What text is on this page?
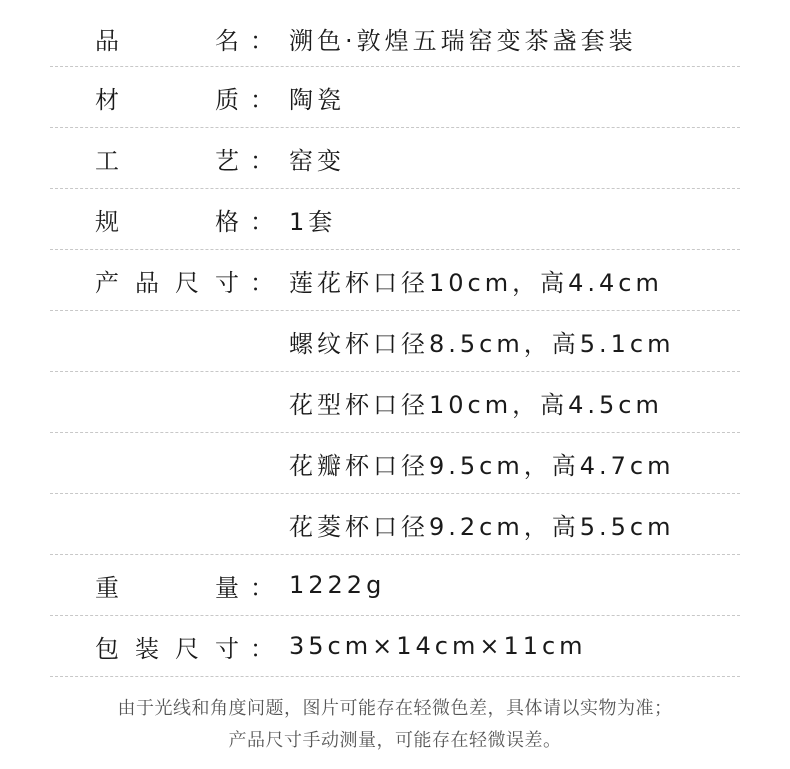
品	名 ： 溯色·敦煌五瑞窑变茶盏套装
材	质 ： 陶瓷
工	艺 ： 窑变
规	格 ： 1套
产 品 尺 寸 ： 莲花杯口径10cm，高4.4cm
螺纹杯口径8.5cm，高5.1cm
花型杯口径10cm，高4.5cm
花瓣杯口径9.5cm，高4.7cm
花菱杯口径9.2cm，高5.5cm
重	量 ： 1222g
包 装 尺 寸 ： 35cm×14cm×11cm
由于光线和角度问题，图片可能存在轻微色差，具体请以实物为准；
产品尺寸手动测量，可能存在轻微误差。
